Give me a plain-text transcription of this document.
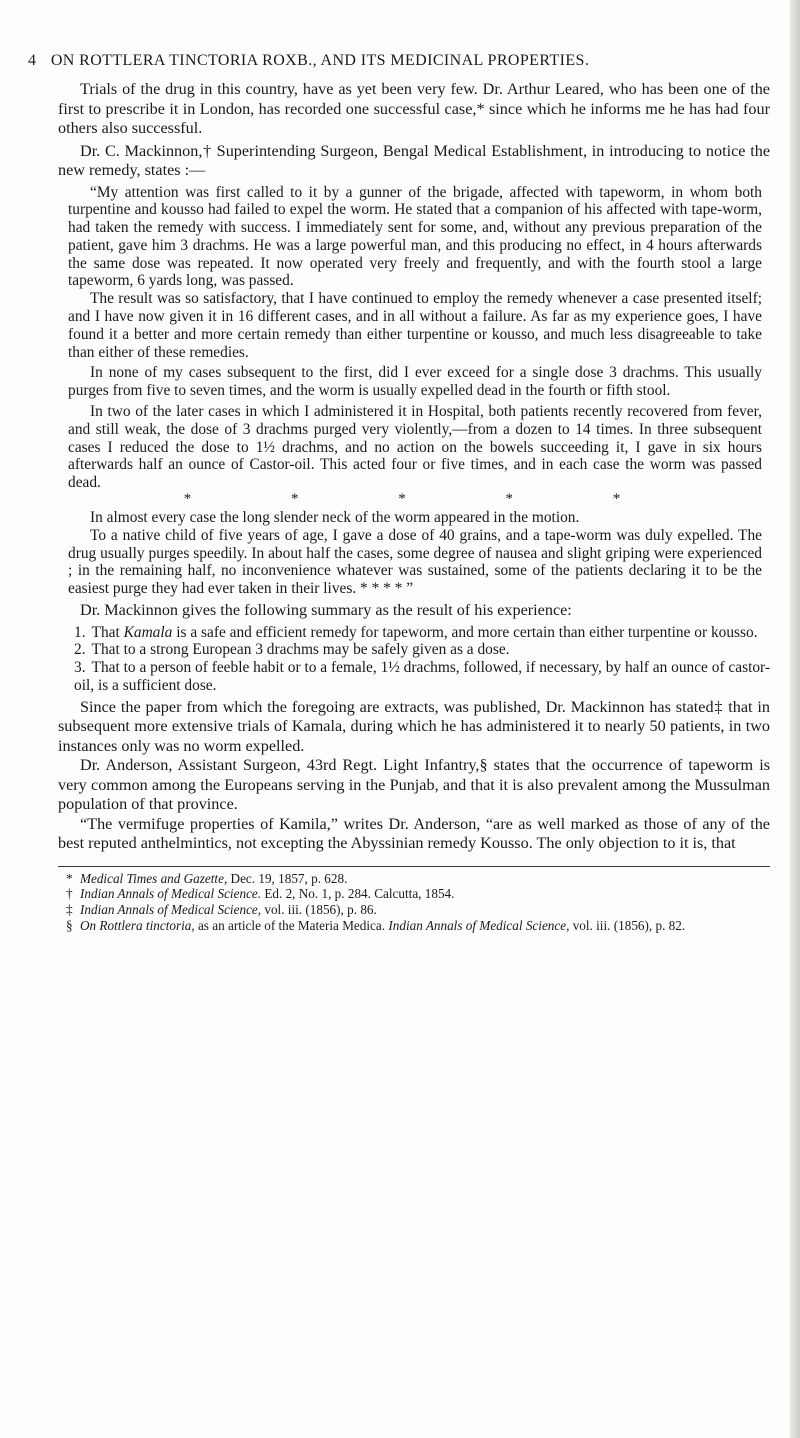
4 ON ROTTLERA TINCTORIA ROXB., AND ITS MEDICINAL PROPERTIES.

Trials of the drug in this country, have as yet been very few. Dr. Arthur Leared, who has been one of the first to prescribe it in London, has recorded one successful case,* since which he informs me he has had four others also successful.

Dr. C. Mackinnon,† Superintending Surgeon, Bengal Medical Establishment, in introducing to notice the new remedy, states :—

“My attention was first called to it by a gunner of the brigade, affected with tapeworm, in whom both turpentine and kousso had failed to expel the worm. He stated that a companion of his affected with tape-worm, had taken the remedy with success. I immediately sent for some, and, without any previous preparation of the patient, gave him 3 drachms. He was a large powerful man, and this producing no effect, in 4 hours afterwards the same dose was repeated. It now operated very freely and frequently, and with the fourth stool a large tapeworm, 6 yards long, was passed.

The result was so satisfactory, that I have continued to employ the remedy whenever a case presented itself; and I have now given it in 16 different cases, and in all without a failure. As far as my experience goes, I have found it a better and more certain remedy than either turpentine or kousso, and much less disagreeable to take than either of these remedies.

In none of my cases subsequent to the first, did I ever exceed for a single dose 3 drachms. This usually purges from five to seven times, and the worm is usually expelled dead in the fourth or fifth stool.

In two of the later cases in which I administered it in Hospital, both patients recently recovered from fever, and still weak, the dose of 3 drachms purged very violently,—from a dozen to 14 times. In three subsequent cases I reduced the dose to 1½ drachms, and no action on the bowels succeeding it, I gave in six hours afterwards half an ounce of Castor-oil. This acted four or five times, and in each case the worm was passed dead.

* * * * *

In almost every case the long slender neck of the worm appeared in the motion.

To a native child of five years of age, I gave a dose of 40 grains, and a tape-worm was duly expelled. The drug usually purges speedily. In about half the cases, some degree of nausea and slight griping were experienced ; in the remaining half, no inconvenience whatever was sustained, some of the patients declaring it to be the easiest purge they had ever taken in their lives. * * * * ”

Dr. Mackinnon gives the following summary as the result of his experience:

1. That Kamala is a safe and efficient remedy for tapeworm, and more certain than either turpentine or kousso.

2. That to a strong European 3 drachms may be safely given as a dose.

3. That to a person of feeble habit or to a female, 1½ drachms, followed, if necessary, by half an ounce of castor-oil, is a sufficient dose.

Since the paper from which the foregoing are extracts, was published, Dr. Mackinnon has stated‡ that in subsequent more extensive trials of Kamala, during which he has administered it to nearly 50 patients, in two instances only was no worm expelled.

Dr. Anderson, Assistant Surgeon, 43rd Regt. Light Infantry,§ states that the occurrence of tapeworm is very common among the Europeans serving in the Punjab, and that it is also prevalent among the Mussulman population of that province.

“The vermifuge properties of Kamila,” writes Dr. Anderson, “are as well marked as those of any of the best reputed anthelmintics, not excepting the Abyssinian remedy Kousso. The only objection to it is, that

* Medical Times and Gazette, Dec. 19, 1857, p. 628.

† Indian Annals of Medical Science. Ed. 2, No. 1, p. 284. Calcutta, 1854.

‡ Indian Annals of Medical Science, vol. iii. (1856), p. 86.

§ On Rottlera tinctoria, as an article of the Materia Medica. Indian Annals of Medical Science, vol. iii. (1856), p. 82.
